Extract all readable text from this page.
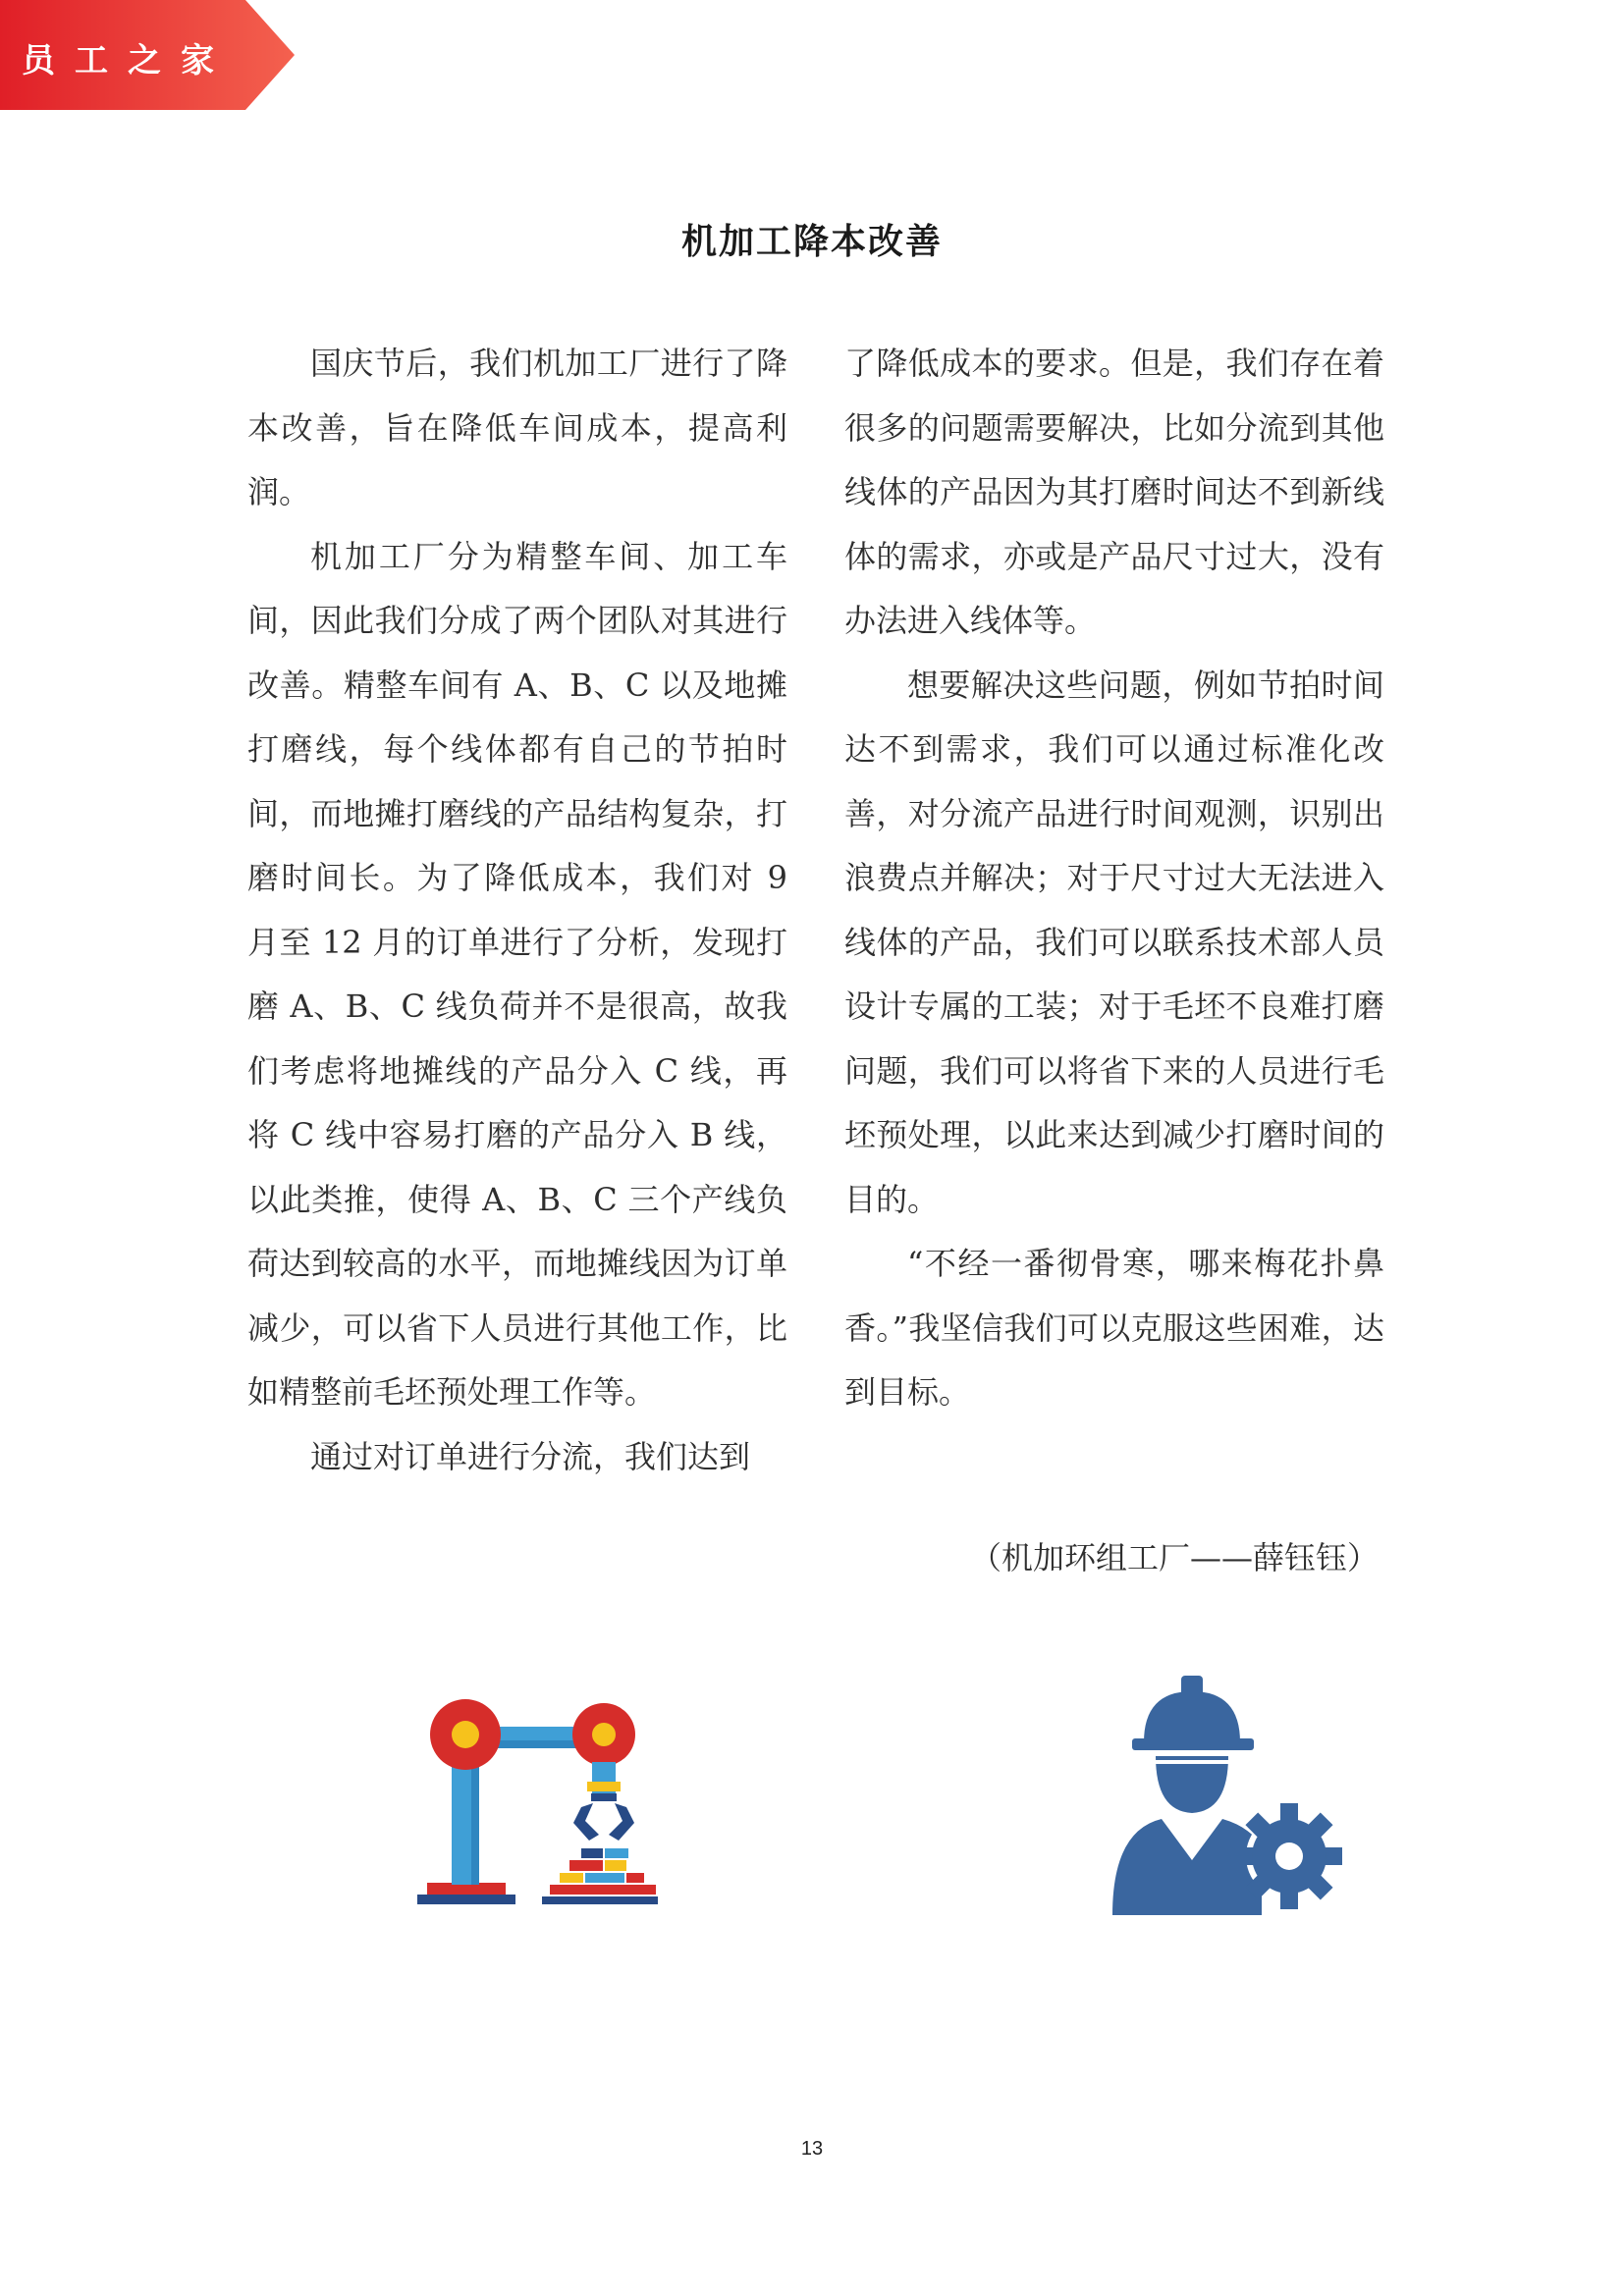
员工之家
机加工降本改善

国庆节后，我们机加工厂进行了降本改善，旨在降低车间成本，提高利润。

机加工厂分为精整车间、加工车间，因此我们分成了两个团队对其进行改善。精整车间有 A、B、C 以及地摊打磨线，每个线体都有自己的节拍时间，而地摊打磨线的产品结构复杂，打磨时间长。为了降低成本，我们对 9 月至 12 月的订单进行了分析，发现打磨 A、B、C 线负荷并不是很高，故我们考虑将地摊线的产品分入 C 线，再将 C 线中容易打磨的产品分入 B 线，以此类推，使得 A、B、C 三个产线负荷达到较高的水平，而地摊线因为订单减少，可以省下人员进行其他工作，比如精整前毛坯预处理工作等。

通过对订单进行分流，我们达到

了降低成本的要求。但是，我们存在着很多的问题需要解决，比如分流到其他线体的产品因为其打磨时间达不到新线体的需求，亦或是产品尺寸过大，没有办法进入线体等。

想要解决这些问题，例如节拍时间达不到需求，我们可以通过标准化改善，对分流产品进行时间观测，识别出浪费点并解决；对于尺寸过大无法进入线体的产品，我们可以联系技术部人员设计专属的工装；对于毛坯不良难打磨问题，我们可以将省下来的人员进行毛坯预处理，以此来达到减少打磨时间的目的。

“不经一番彻骨寒，哪来梅花扑鼻香。”我坚信我们可以克服这些困难，达到目标。

（机加环组工厂——薛钰钰）
13
